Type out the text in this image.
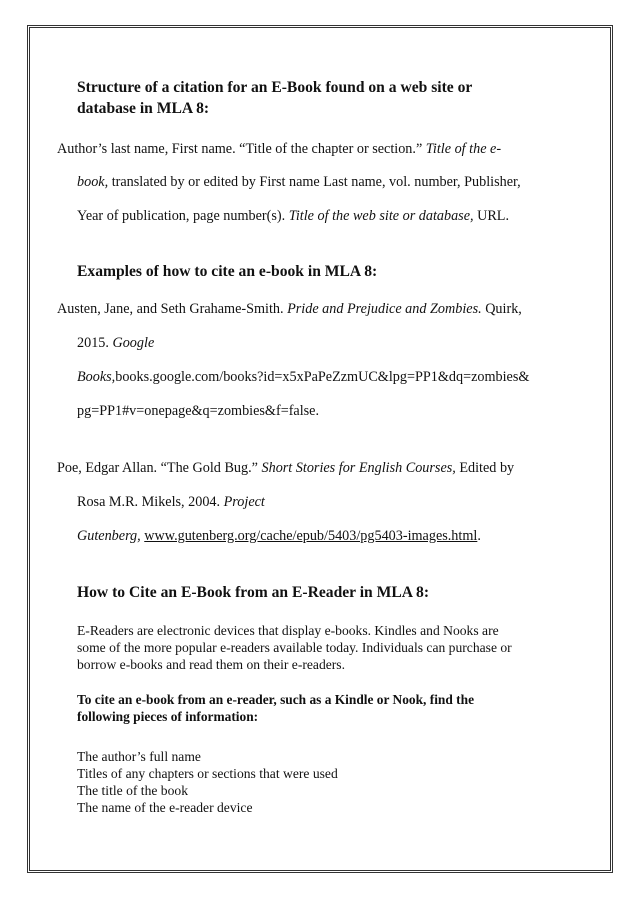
Structure of a citation for an E-Book found on a web site or
database in MLA 8:
Author’s last name, First name. “Title of the chapter or section.” Title of the e-
book, translated by or edited by First name Last name, vol. number, Publisher,
Year of publication, page number(s). Title of the web site or database, URL.
Examples of how to cite an e-book in MLA 8:
Austen, Jane, and Seth Grahame-Smith. Pride and Prejudice and Zombies. Quirk,
2015. Google
Books,books.google.com/books?id=x5xPaPeZzmUC&lpg=PP1&dq=zombies&
pg=PP1#v=onepage&q=zombies&f=false.
Poe, Edgar Allan. “The Gold Bug.” Short Stories for English Courses, Edited by
Rosa M.R. Mikels, 2004. Project
Gutenberg, www.gutenberg.org/cache/epub/5403/pg5403-images.html.
How to Cite an E-Book from an E-Reader in MLA 8:
E-Readers are electronic devices that display e-books. Kindles and Nooks are
some of the more popular e-readers available today. Individuals can purchase or
borrow e-books and read them on their e-readers.
To cite an e-book from an e-reader, such as a Kindle or Nook, find the
following pieces of information:
The author’s full name
Titles of any chapters or sections that were used
The title of the book
The name of the e-reader device
